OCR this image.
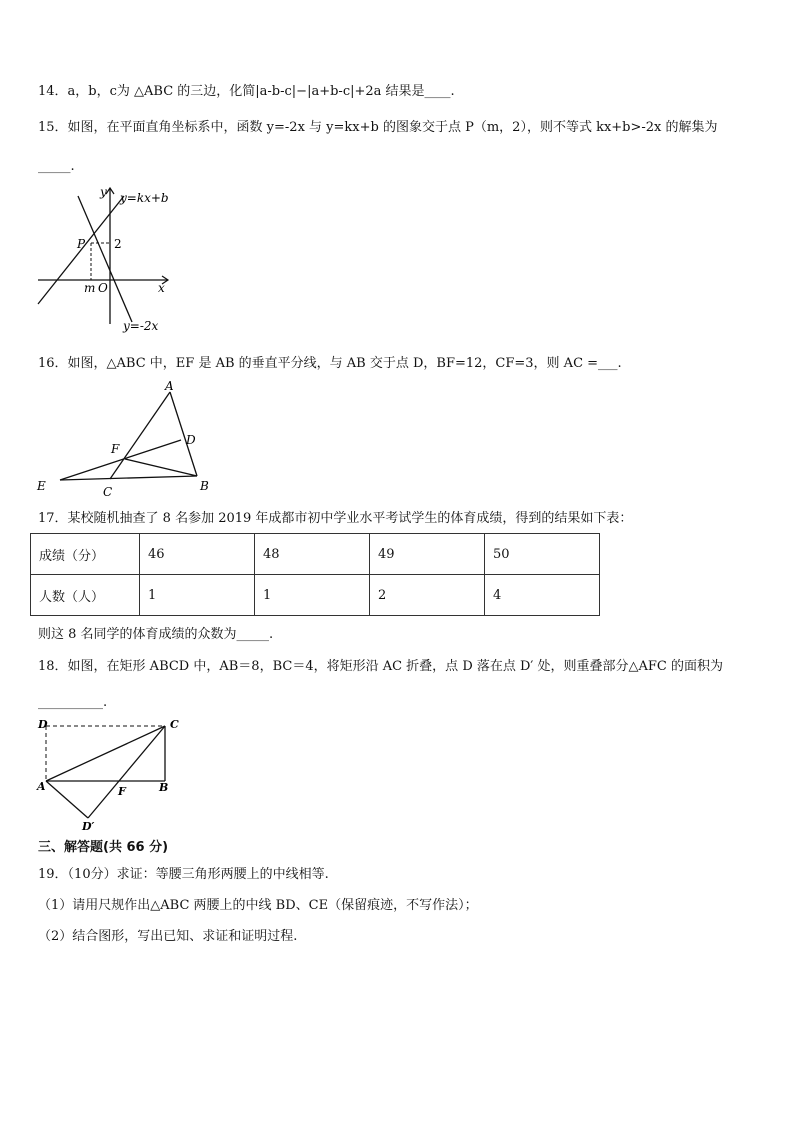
14．a，b，c为 △ABC 的三边，化简|a-b-c|−|a+b-c|+2a 结果是____.
15．如图，在平面直角坐标系中，函数 y=-2x 与 y=kx+b 的图象交于点 P（m，2），则不等式 kx+b>-2x 的解集为
_____.
y=kx+b
y=-2x
y
x
O
m
P 2
16．如图，△ABC 中，EF 是 AB 的垂直平分线，与 AB 交于点 D，BF=12，CF=3，则 AC =___.
A
B
C
D
E
F
17．某校随机抽查了 8 名参加 2019 年成都市初中学业水平考试学生的体育成绩，得到的结果如下表：
成绩（分）	46	48	49	50
人数（人）	1	1	2	4
则这 8 名同学的体育成绩的众数为_____.
18．如图，在矩形 ABCD 中，AB＝8，BC＝4，将矩形沿 AC 折叠，点 D 落在点 D′ 处，则重叠部分△AFC 的面积为
__________.
D	C
A	B
F
D′
三、解答题(共 66 分)
19．（10分）求证：等腰三角形两腰上的中线相等.
（1）请用尺规作出△ABC 两腰上的中线 BD、CE（保留痕迹，不写作法）；
（2）结合图形，写出已知、求证和证明过程.
